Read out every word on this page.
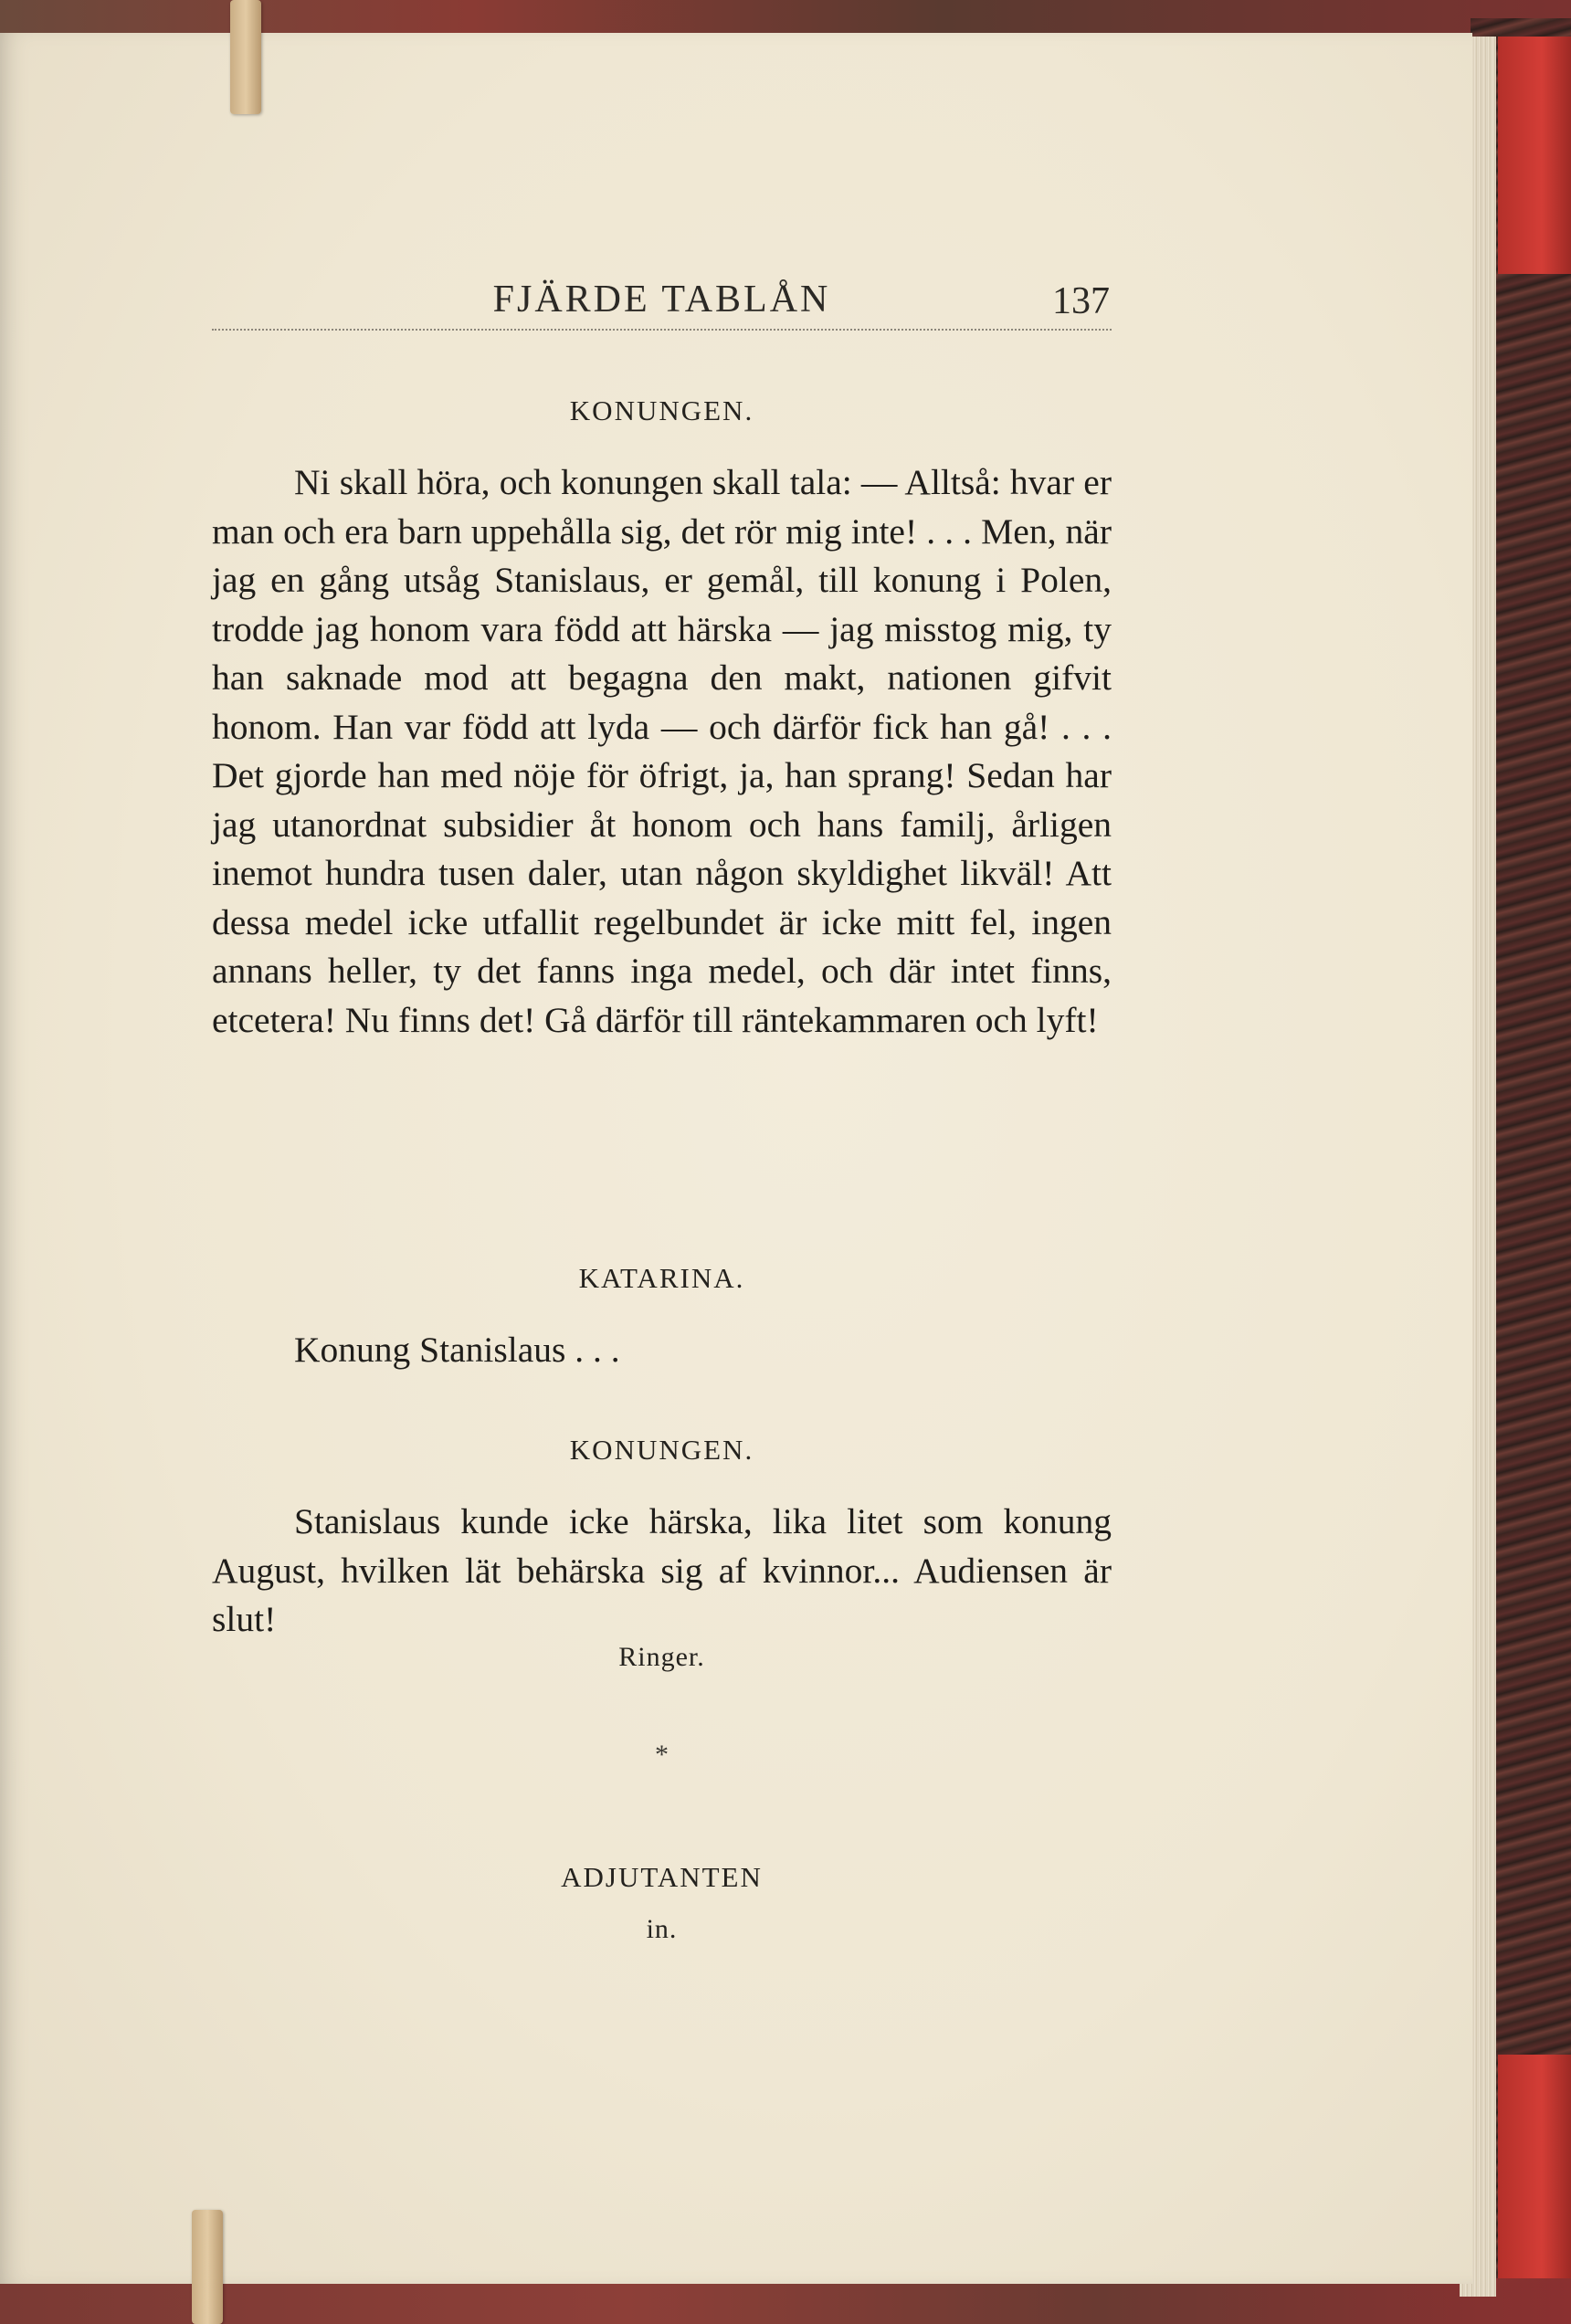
FJÄRDE TABLÅN	137
KONUNGEN.

Ni skall höra, och konungen skall tala: — Alltså: hvar er man och era barn uppehålla sig, det rör mig inte! . . . Men, när jag en gång utsåg Stanislaus, er gemål, till konung i Polen, trodde jag honom vara född att härska — jag misstog mig, ty han saknade mod att begagna den makt, nationen gifvit honom. Han var född att lyda — och därför fick han gå! . . . Det gjorde han med nöje för öfrigt, ja, han sprang! Sedan har jag utanordnat subsidier åt honom och hans familj, årligen inemot hundra tusen daler, utan någon skyldighet likväl! Att dessa medel icke utfallit regelbundet är icke mitt fel, ingen annans heller, ty det fanns inga medel, och där intet finns, etcetera! Nu finns det! Gå därför till räntekammaren och lyft!

KATARINA.

Konung Stanislaus . . .

KONUNGEN.

Stanislaus kunde icke härska, lika litet som konung August, hvilken lät behärska sig af kvinnor... Audiensen är slut!

Ringer.
*
ADJUTANTEN
in.
